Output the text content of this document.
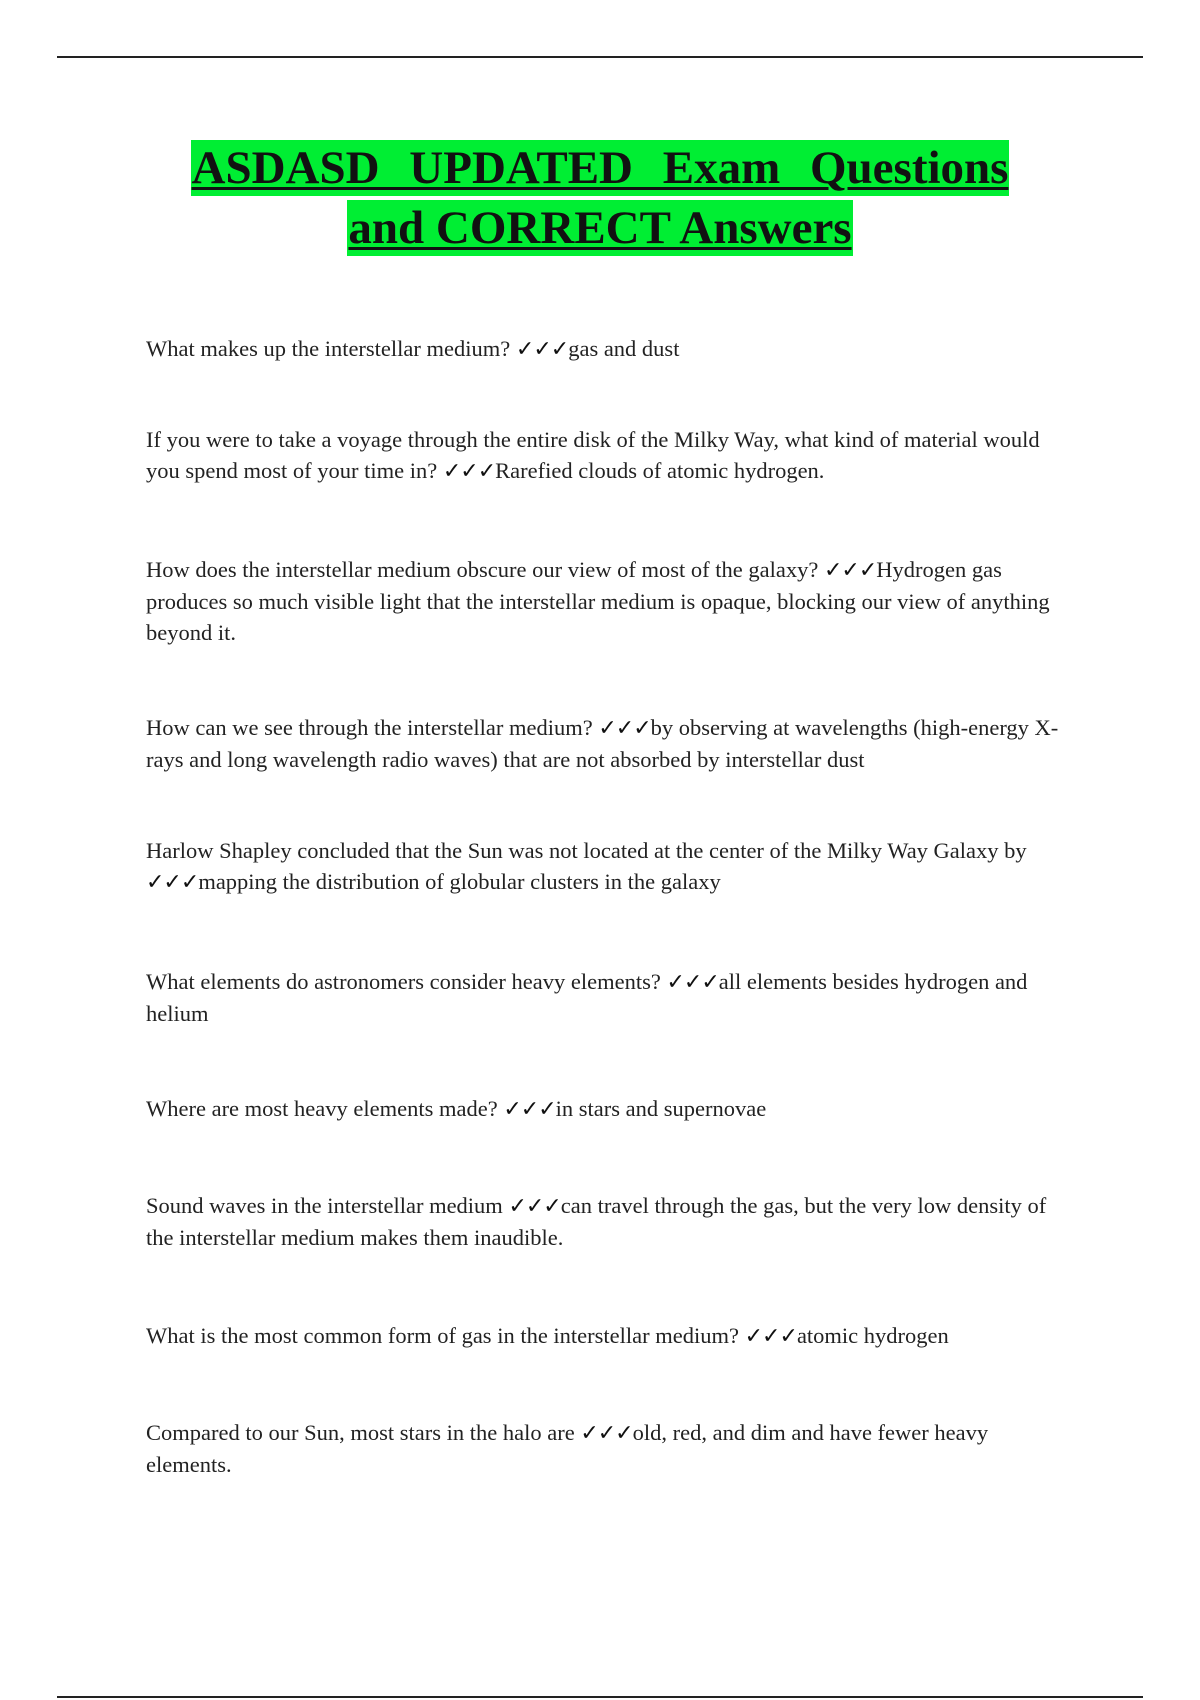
ASDASD UPDATED Exam Questions
and CORRECT Answers

What makes up the interstellar medium? ✓✓✓gas and dust

If you were to take a voyage through the entire disk of the Milky Way, what kind of material would you spend most of your time in? ✓✓✓Rarefied clouds of atomic hydrogen.

How does the interstellar medium obscure our view of most of the galaxy? ✓✓✓Hydrogen gas produces so much visible light that the interstellar medium is opaque, blocking our view of anything beyond it.

How can we see through the interstellar medium? ✓✓✓by observing at wavelengths (high-energy X-rays and long wavelength radio waves) that are not absorbed by interstellar dust

Harlow Shapley concluded that the Sun was not located at the center of the Milky Way Galaxy by ✓✓✓mapping the distribution of globular clusters in the galaxy

What elements do astronomers consider heavy elements? ✓✓✓all elements besides hydrogen and helium

Where are most heavy elements made? ✓✓✓in stars and supernovae

Sound waves in the interstellar medium ✓✓✓can travel through the gas, but the very low density of the interstellar medium makes them inaudible.

What is the most common form of gas in the interstellar medium? ✓✓✓atomic hydrogen

Compared to our Sun, most stars in the halo are ✓✓✓old, red, and dim and have fewer heavy elements.
